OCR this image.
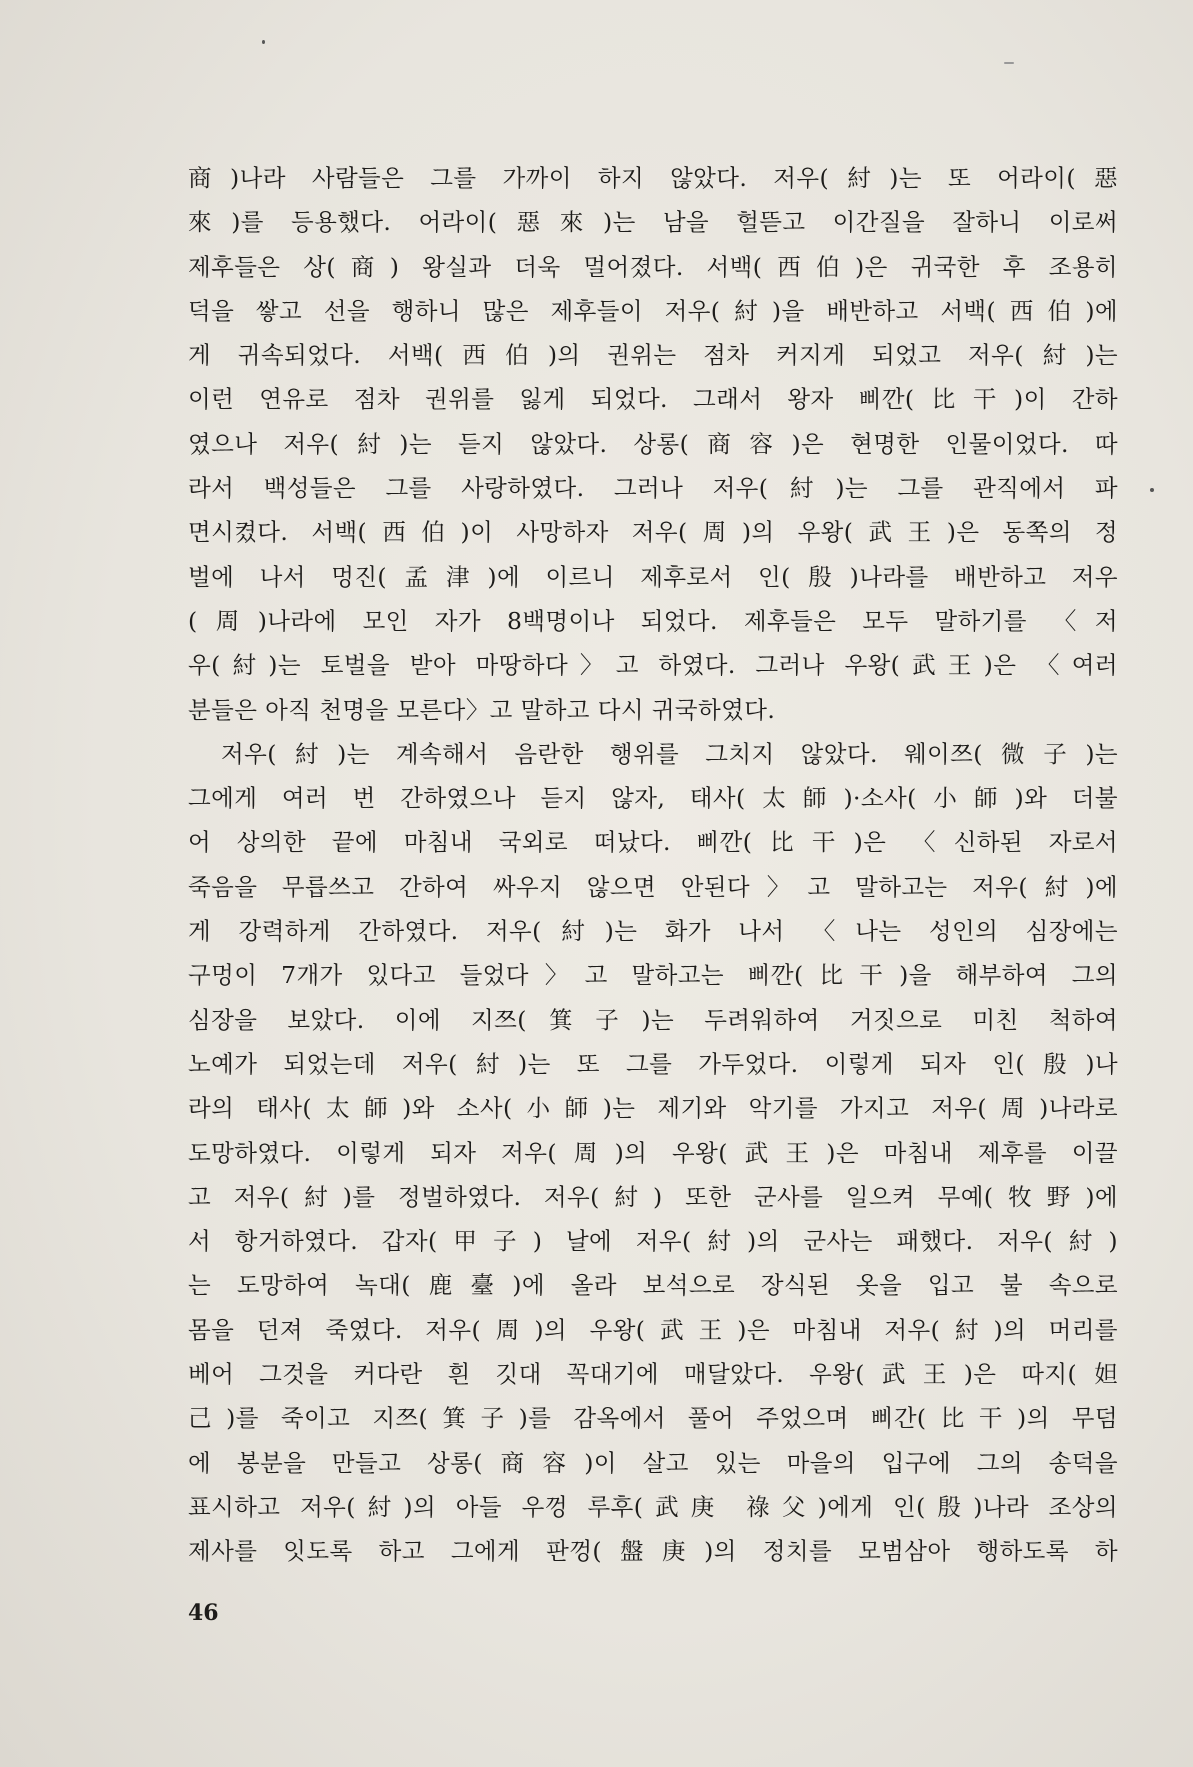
商)나라 사람들은 그를 가까이 하지 않았다. 저우(紂)는 또 어라이(惡
來)를 등용했다. 어라이(惡來)는 남을 헐뜯고 이간질을 잘하니 이로써
제후들은 상(商) 왕실과 더욱 멀어졌다. 서백(西伯)은 귀국한 후 조용히
덕을 쌓고 선을 행하니 많은 제후들이 저우(紂)을 배반하고 서백(西伯)에
게 귀속되었다. 서백(西伯)의 권위는 점차 커지게 되었고 저우(紂)는
이런 연유로 점차 권위를 잃게 되었다. 그래서 왕자 삐깐(比干)이 간하
였으나 저우(紂)는 듣지 않았다. 상롱(商容)은 현명한 인물이었다. 따
라서 백성들은 그를 사랑하였다. 그러나 저우(紂)는 그를 관직에서 파
면시켰다. 서백(西伯)이 사망하자 저우(周)의 우왕(武王)은 동쪽의 정
벌에 나서 멍진(孟津)에 이르니 제후로서 인(殷)나라를 배반하고 저우
(周)나라에 모인 자가 8백명이나 되었다. 제후들은 모두 말하기를 〈저
우(紂)는 토벌을 받아 마땅하다〉고 하였다. 그러나 우왕(武王)은 〈여러
분들은 아직 천명을 모른다〉고 말하고 다시 귀국하였다.
저우(紂)는 계속해서 음란한 행위를 그치지 않았다. 웨이쯔(微子)는
그에게 여러 번 간하였으나 듣지 않자, 태사(太師)·소사(小師)와 더불
어 상의한 끝에 마침내 국외로 떠났다. 삐깐(比干)은 〈신하된 자로서
죽음을 무릅쓰고 간하여 싸우지 않으면 안된다〉고 말하고는 저우(紂)에
게 강력하게 간하였다. 저우(紂)는 화가 나서 〈나는 성인의 심장에는
구멍이 7개가 있다고 들었다〉고 말하고는 삐깐(比干)을 해부하여 그의
심장을 보았다. 이에 지쯔(箕子)는 두려워하여 거짓으로 미친 척하여
노예가 되었는데 저우(紂)는 또 그를 가두었다. 이렇게 되자 인(殷)나
라의 태사(太師)와 소사(小師)는 제기와 악기를 가지고 저우(周)나라로
도망하였다. 이렇게 되자 저우(周)의 우왕(武王)은 마침내 제후를 이끌
고 저우(紂)를 정벌하였다. 저우(紂) 또한 군사를 일으켜 무예(牧野)에
서 항거하였다. 갑자(甲子) 날에 저우(紂)의 군사는 패했다. 저우(紂)
는 도망하여 녹대(鹿臺)에 올라 보석으로 장식된 옷을 입고 불 속으로
몸을 던져 죽였다. 저우(周)의 우왕(武王)은 마침내 저우(紂)의 머리를
베어 그것을 커다란 흰 깃대 꼭대기에 매달았다. 우왕(武王)은 따지(妲
己)를 죽이고 지쯔(箕子)를 감옥에서 풀어 주었으며 삐간(比干)의 무덤
에 봉분을 만들고 상롱(商容)이 살고 있는 마을의 입구에 그의 송덕을
표시하고 저우(紂)의 아들 우껑 루후(武庚 祿父)에게 인(殷)나라 조상의
제사를 잇도록 하고 그에게 판껑(盤庚)의 정치를 모범삼아 행하도록 하
46
